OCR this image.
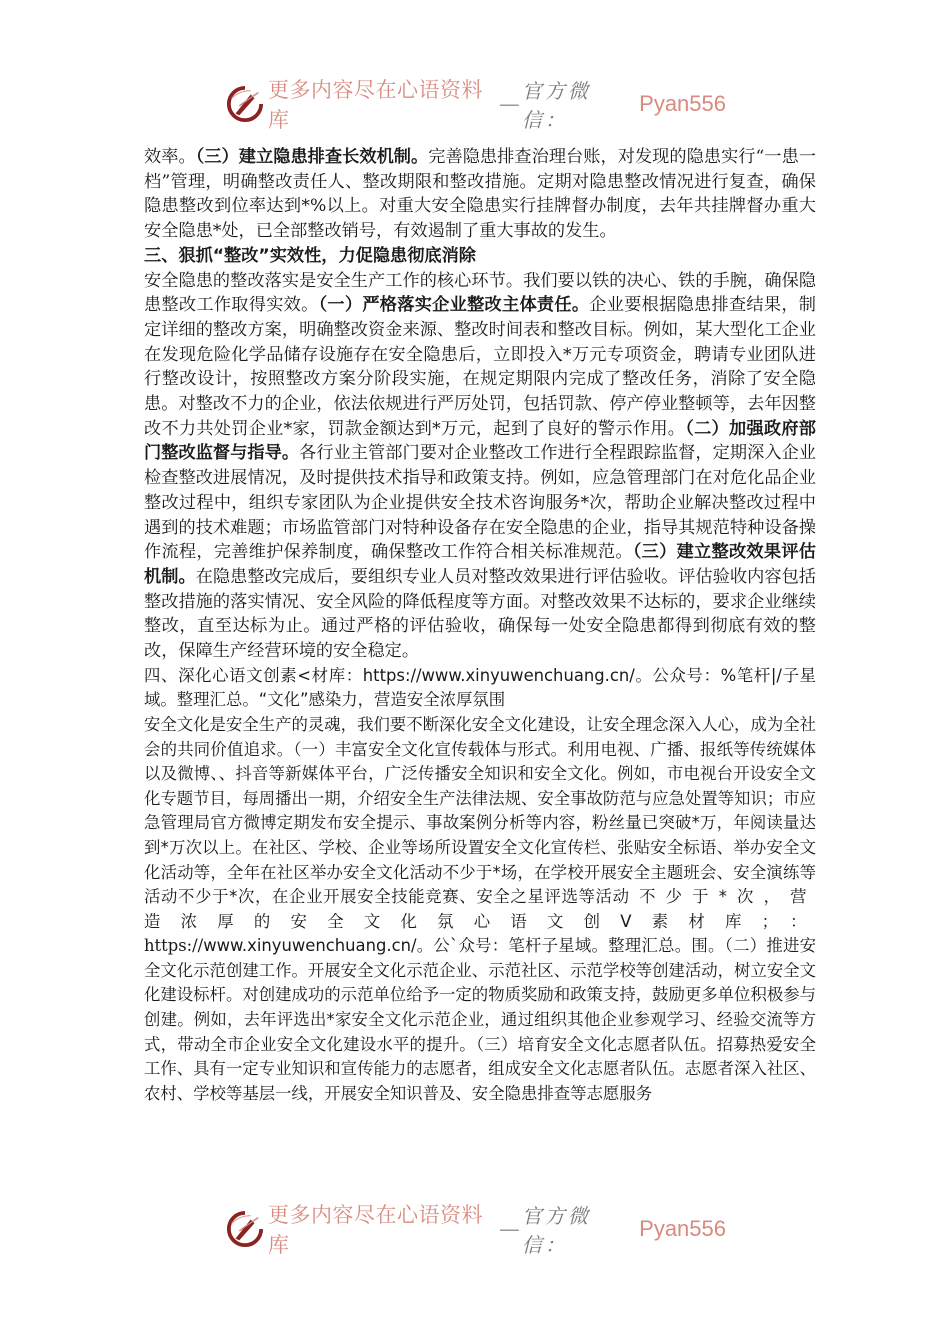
更多内容尽在心语资料库
—
官方微信：
Pyan556

效率。（三）建立隐患排查长效机制。完善隐患排查治理台账，对发现的隐患实行“一患一档”管理，明确整改责任人、整改期限和整改措施。定期对隐患整改情况进行复查，确保隐患整改到位率达到*%以上。对重大安全隐患实行挂牌督办制度，去年共挂牌督办重大安全隐患*处，已全部整改销号，有效遏制了重大事故的发生。

三、狠抓“整改”实效性，力促隐患彻底消除

安全隐患的整改落实是安全生产工作的核心环节。我们要以铁的决心、铁的手腕，确保隐患整改工作取得实效。（一）严格落实企业整改主体责任。企业要根据隐患排查结果，制定详细的整改方案，明确整改资金来源、整改时间表和整改目标。例如，某大型化工企业在发现危险化学品储存设施存在安全隐患后，立即投入*万元专项资金，聘请专业团队进行整改设计，按照整改方案分阶段实施，在规定期限内完成了整改任务，消除了安全隐患。对整改不力的企业，依法依规进行严厉处罚，包括罚款、停产停业整顿等，去年因整改不力共处罚企业*家，罚款金额达到*万元，起到了良好的警示作用。（二）加强政府部门整改监督与指导。各行业主管部门要对企业整改工作进行全程跟踪监督，定期深入企业检查整改进展情况，及时提供技术指导和政策支持。例如，应急管理部门在对危化品企业整改过程中，组织专家团队为企业提供安全技术咨询服务*次，帮助企业解决整改过程中遇到的技术难题；市场监管部门对特种设备存在安全隐患的企业，指导其规范特种设备操作流程，完善维护保养制度，确保整改工作符合相关标准规范。（三）建立整改效果评估机制。在隐患整改完成后，要组织专业人员对整改效果进行评估验收。评估验收内容包括整改措施的落实情况、安全风险的降低程度等方面。对整改效果不达标的，要求企业继续整改，直至达标为止。通过严格的评估验收，确保每一处安全隐患都得到彻底有效的整改，保障生产经营环境的安全稳定。

四、深化心语文创素<材库：https://www.xinyuwenchuang.cn/。公众号：%笔杆|/子星域。整理汇总。“文化”感染力，营造安全浓厚氛围

安全文化是安全生产的灵魂，我们要不断深化安全文化建设，让安全理念深入人心，成为全社会的共同价值追求。（一）丰富安全文化宣传载体与形式。利用电视、广播、报纸等传统媒体以及微博、、抖音等新媒体平台，广泛传播安全知识和安全文化。例如，市电视台开设安全文化专题节目，每周播出一期，介绍安全生产法律法规、安全事故防范与应急处置等知识；市应急管理局官方微博定期发布安全提示、事故案例分析等内容，粉丝量已突破*万，年阅读量达到*万次以上。在社区、学校、企业等场所设置安全文化宣传栏、张贴安全标语、举办安全文化活动等，全年在社区举办安全文化活动不少于*场，在学校开展安全主题班会、安全演练等活动不少于*次，在企业开展安全技能竞赛、安全之星评选等活动不少于*次，营造浓厚的安全文化氛心语文创V素材库；：https://www.xinyuwenchuang.cn/。公`众号：笔杆子星域。整理汇总。围。（二）推进安全文化示范创建工作。开展安全文化示范企业、示范社区、示范学校等创建活动，树立安全文化建设标杆。对创建成功的示范单位给予一定的物质奖励和政策支持，鼓励更多单位积极参与创建。例如，去年评选出*家安全文化示范企业，通过组织其他企业参观学习、经验交流等方式，带动全市企业安全文化建设水平的提升。（三）培育安全文化志愿者队伍。招募热爱安全工作、具有一定专业知识和宣传能力的志愿者，组成安全文化志愿者队伍。志愿者深入社区、农村、学校等基层一线，开展安全知识普及、安全隐患排查等志愿服务

更多内容尽在心语资料库
—
官方微信：
Pyan556
